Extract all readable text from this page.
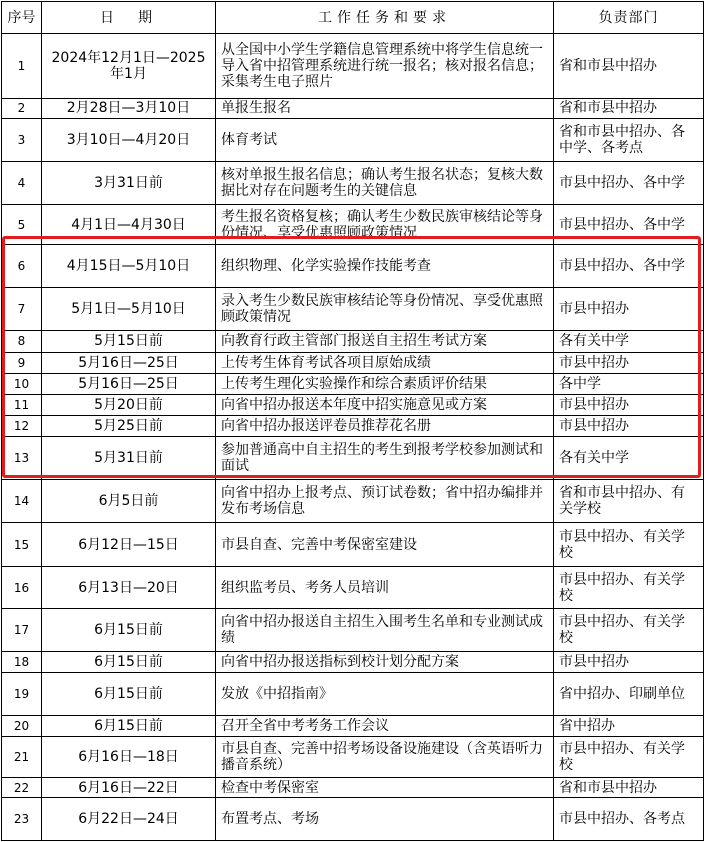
序号	日　期	工作任务和要求	负责部门
1	2024年12月1日—2025年1月	从全国中小学生学籍信息管理系统中将学生信息统一导入省中招管理系统进行统一报名；核对报名信息；采集考生电子照片	省和市县中招办
2	2月28日—3月10日	单报生报名	省和市县中招办
3	3月10日—4月20日	体育考试	省和市县中招办、各中学、各考点
4	3月31日前	核对单报生报名信息；确认考生报名状态；复核大数据比对存在问题考生的关键信息	市县中招办、各中学
5	4月1日—4月30日	考生报名资格复核；确认考生少数民族审核结论等身份情况、享受优惠照顾政策情况	市县中招办、各中学
6	4月15日—5月10日	组织物理、化学实验操作技能考查	市县中招办、各中学
7	5月1日—5月10日	录入考生少数民族审核结论等身份情况、享受优惠照顾政策情况	市县中招办
8	5月15日前	向教育行政主管部门报送自主招生考试方案	各有关中学
9	5月16日—25日	上传考生体育考试各项目原始成绩	市县中招办
10	5月16日—25日	上传考生理化实验操作和综合素质评价结果	各中学
11	5月20日前	向省中招办报送本年度中招实施意见或方案	市县中招办
12	5月25日前	向省中招办报送评卷员推荐花名册	市县中招办
13	5月31日前	参加普通高中自主招生的考生到报考学校参加测试和面试	各有关中学
14	6月5日前	向省中招办上报考点、预订试卷数；省中招办编排并发布考场信息	省和市县中招办、有关学校
15	6月12日—15日	市县自查、完善中考保密室建设	市县中招办、有关学校
16	6月13日—20日	组织监考员、考务人员培训	市县中招办、有关学校
17	6月15日前	向省中招办报送自主招生入围考生名单和专业测试成绩	市县中招办、有关学校
18	6月15日前	向省中招办报送指标到校计划分配方案	市县中招办
19	6月15日前	发放《中招指南》	省中招办、印刷单位
20	6月15日前	召开全省中考考务工作会议	省中招办
21	6月16日—18日	市县自查、完善中招考场设备设施建设（含英语听力播音系统）	市县中招办、有关学校
22	6月16日—22日	检查中考保密室	省和市县中招办
23	6月22日—24日	布置考点、考场	市县中招办、各考点
